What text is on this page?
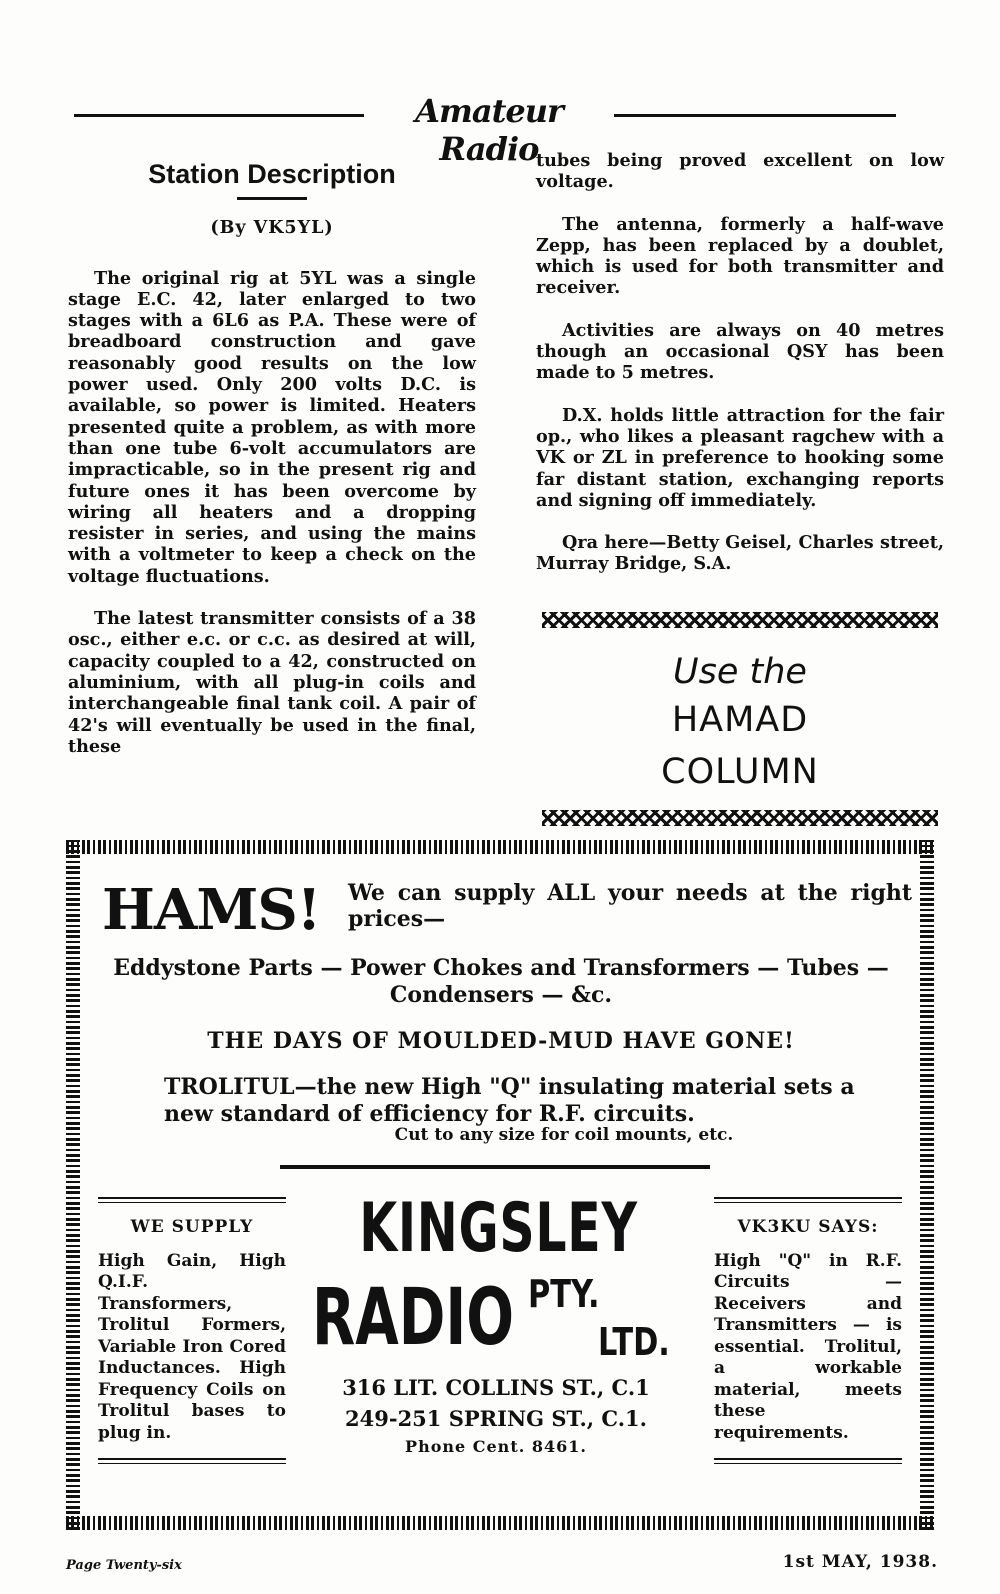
Amateur Radio
Station Description
(By VK5YL)

The original rig at 5YL was a single stage E.C. 42, later enlarged to two stages with a 6L6 as P.A. These were of breadboard construction and gave reasonably good results on the low power used. Only 200 volts D.C. is available, so power is limited. Heaters presented quite a problem, as with more than one tube 6-volt accumulators are impracticable, so in the present rig and future ones it has been overcome by wiring all heaters and a dropping resister in series, and using the mains with a voltmeter to keep a check on the voltage fluctuations.

The latest transmitter consists of a 38 osc., either e.c. or c.c. as desired at will, capacity coupled to a 42, constructed on aluminium, with all plug-in coils and interchangeable final tank coil. A pair of 42's will eventually be used in the final, these

tubes being proved excellent on low voltage.

The antenna, formerly a half-wave Zepp, has been replaced by a doublet, which is used for both transmitter and receiver.

Activities are always on 40 metres though an occasional QSY has been made to 5 metres.

D.X. holds little attraction for the fair op., who likes a pleasant ragchew with a VK or ZL in preference to hooking some far distant station, exchanging reports and signing off immediately.

Qra here—Betty Geisel, Charles street, Murray Bridge, S.A.

Use the
HAMAD
COLUMN
HAMS! We can supply ALL your needs at the right prices—
Eddystone Parts — Power Chokes and Transformers — Tubes — Condensers — &c.
THE DAYS OF MOULDED-MUD HAVE GONE!
TROLITUL—the new High "Q" insulating material sets a new standard of efficiency for R.F. circuits.
Cut to any size for coil mounts, etc.
WE SUPPLY
High Gain, High Q.I.F. Transformers, Trolitul Formers, Variable Iron Cored Inductances. High Frequency Coils on Trolitul bases to plug in.
KINGSLEY
RADIO PTY.
LTD.
316 LIT. COLLINS ST., C.1
249-251 SPRING ST., C.1.
Phone Cent. 8461.
VK3KU SAYS:
High "Q" in R.F. Circuits — Receivers and Transmitters — is essential. Trolitul, a workable material, meets these requirements.
Page Twenty-six	1st MAY, 1938.
